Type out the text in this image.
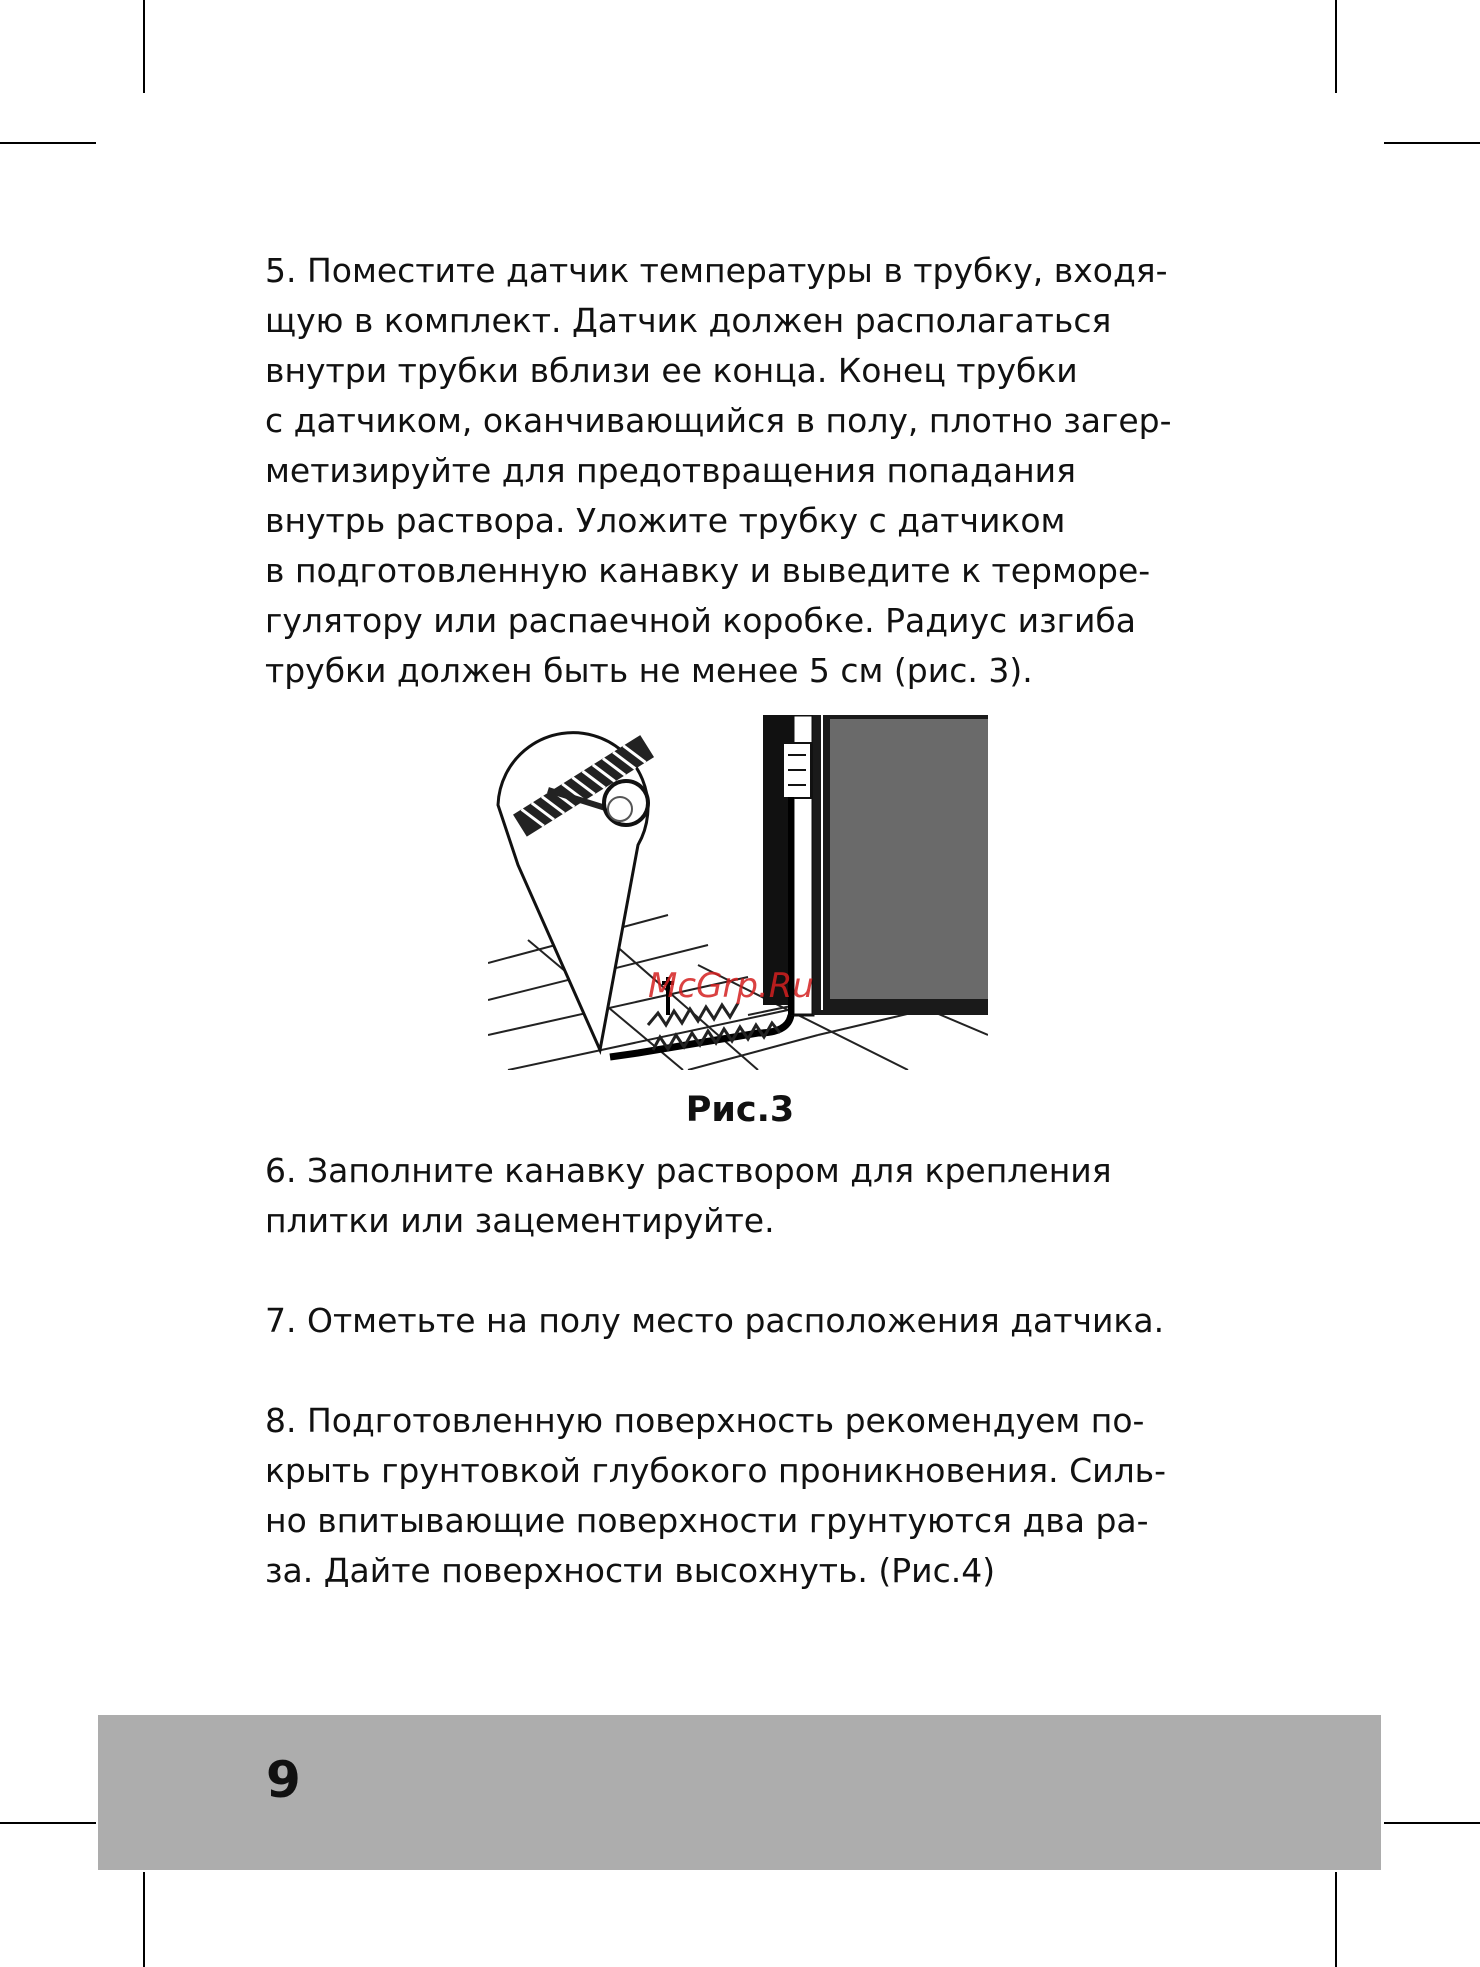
5. Поместите датчик температуры в трубку, входя-
щую в комплект. Датчик должен располагаться
внутри трубки вблизи ее конца. Конец трубки
с датчиком, оканчивающийся в полу, плотно загер-
метизируйте для предотвращения попадания
внутрь раствора. Уложите трубку с датчиком
в подготовленную канавку и выведите к терморе-
гулятору или распаечной коробке. Радиус изгиба
трубки должен быть не менее 5 см (рис. 3).

McGrp.Ru
Рис.3

6. Заполните канавку раствором для крепления
плитки или зацементируйте.

7. Отметьте на полу место расположения датчика.

8. Подготовленную поверхность рекомендуем по-
крыть грунтовкой глубокого проникновения. Силь-
но впитывающие поверхности грунтуются два ра-
за. Дайте поверхности высохнуть. (Рис.4)

9
